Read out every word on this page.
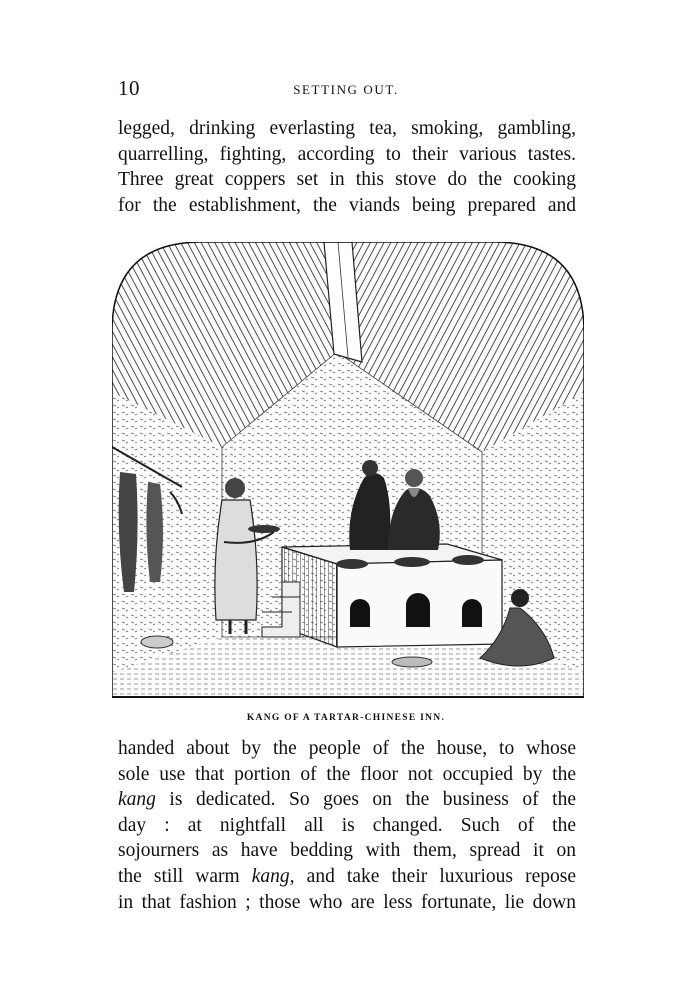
10	SETTING OUT.
legged, drinking everlasting tea, smoking, gambling,
quarrelling, fighting, according to their various tastes.
Three great coppers set in this stove do the cooking
for the establishment, the viands being prepared and
KANG OF A TARTAR-CHINESE INN.
handed about by the people of the house, to whose
sole use that portion of the floor not occupied by the
kang is dedicated. So goes on the business of the
day : at nightfall all is changed. Such of the
sojourners as have bedding with them, spread it on
the still warm kang, and take their luxurious repose
in that fashion ; those who are less fortunate, lie down
